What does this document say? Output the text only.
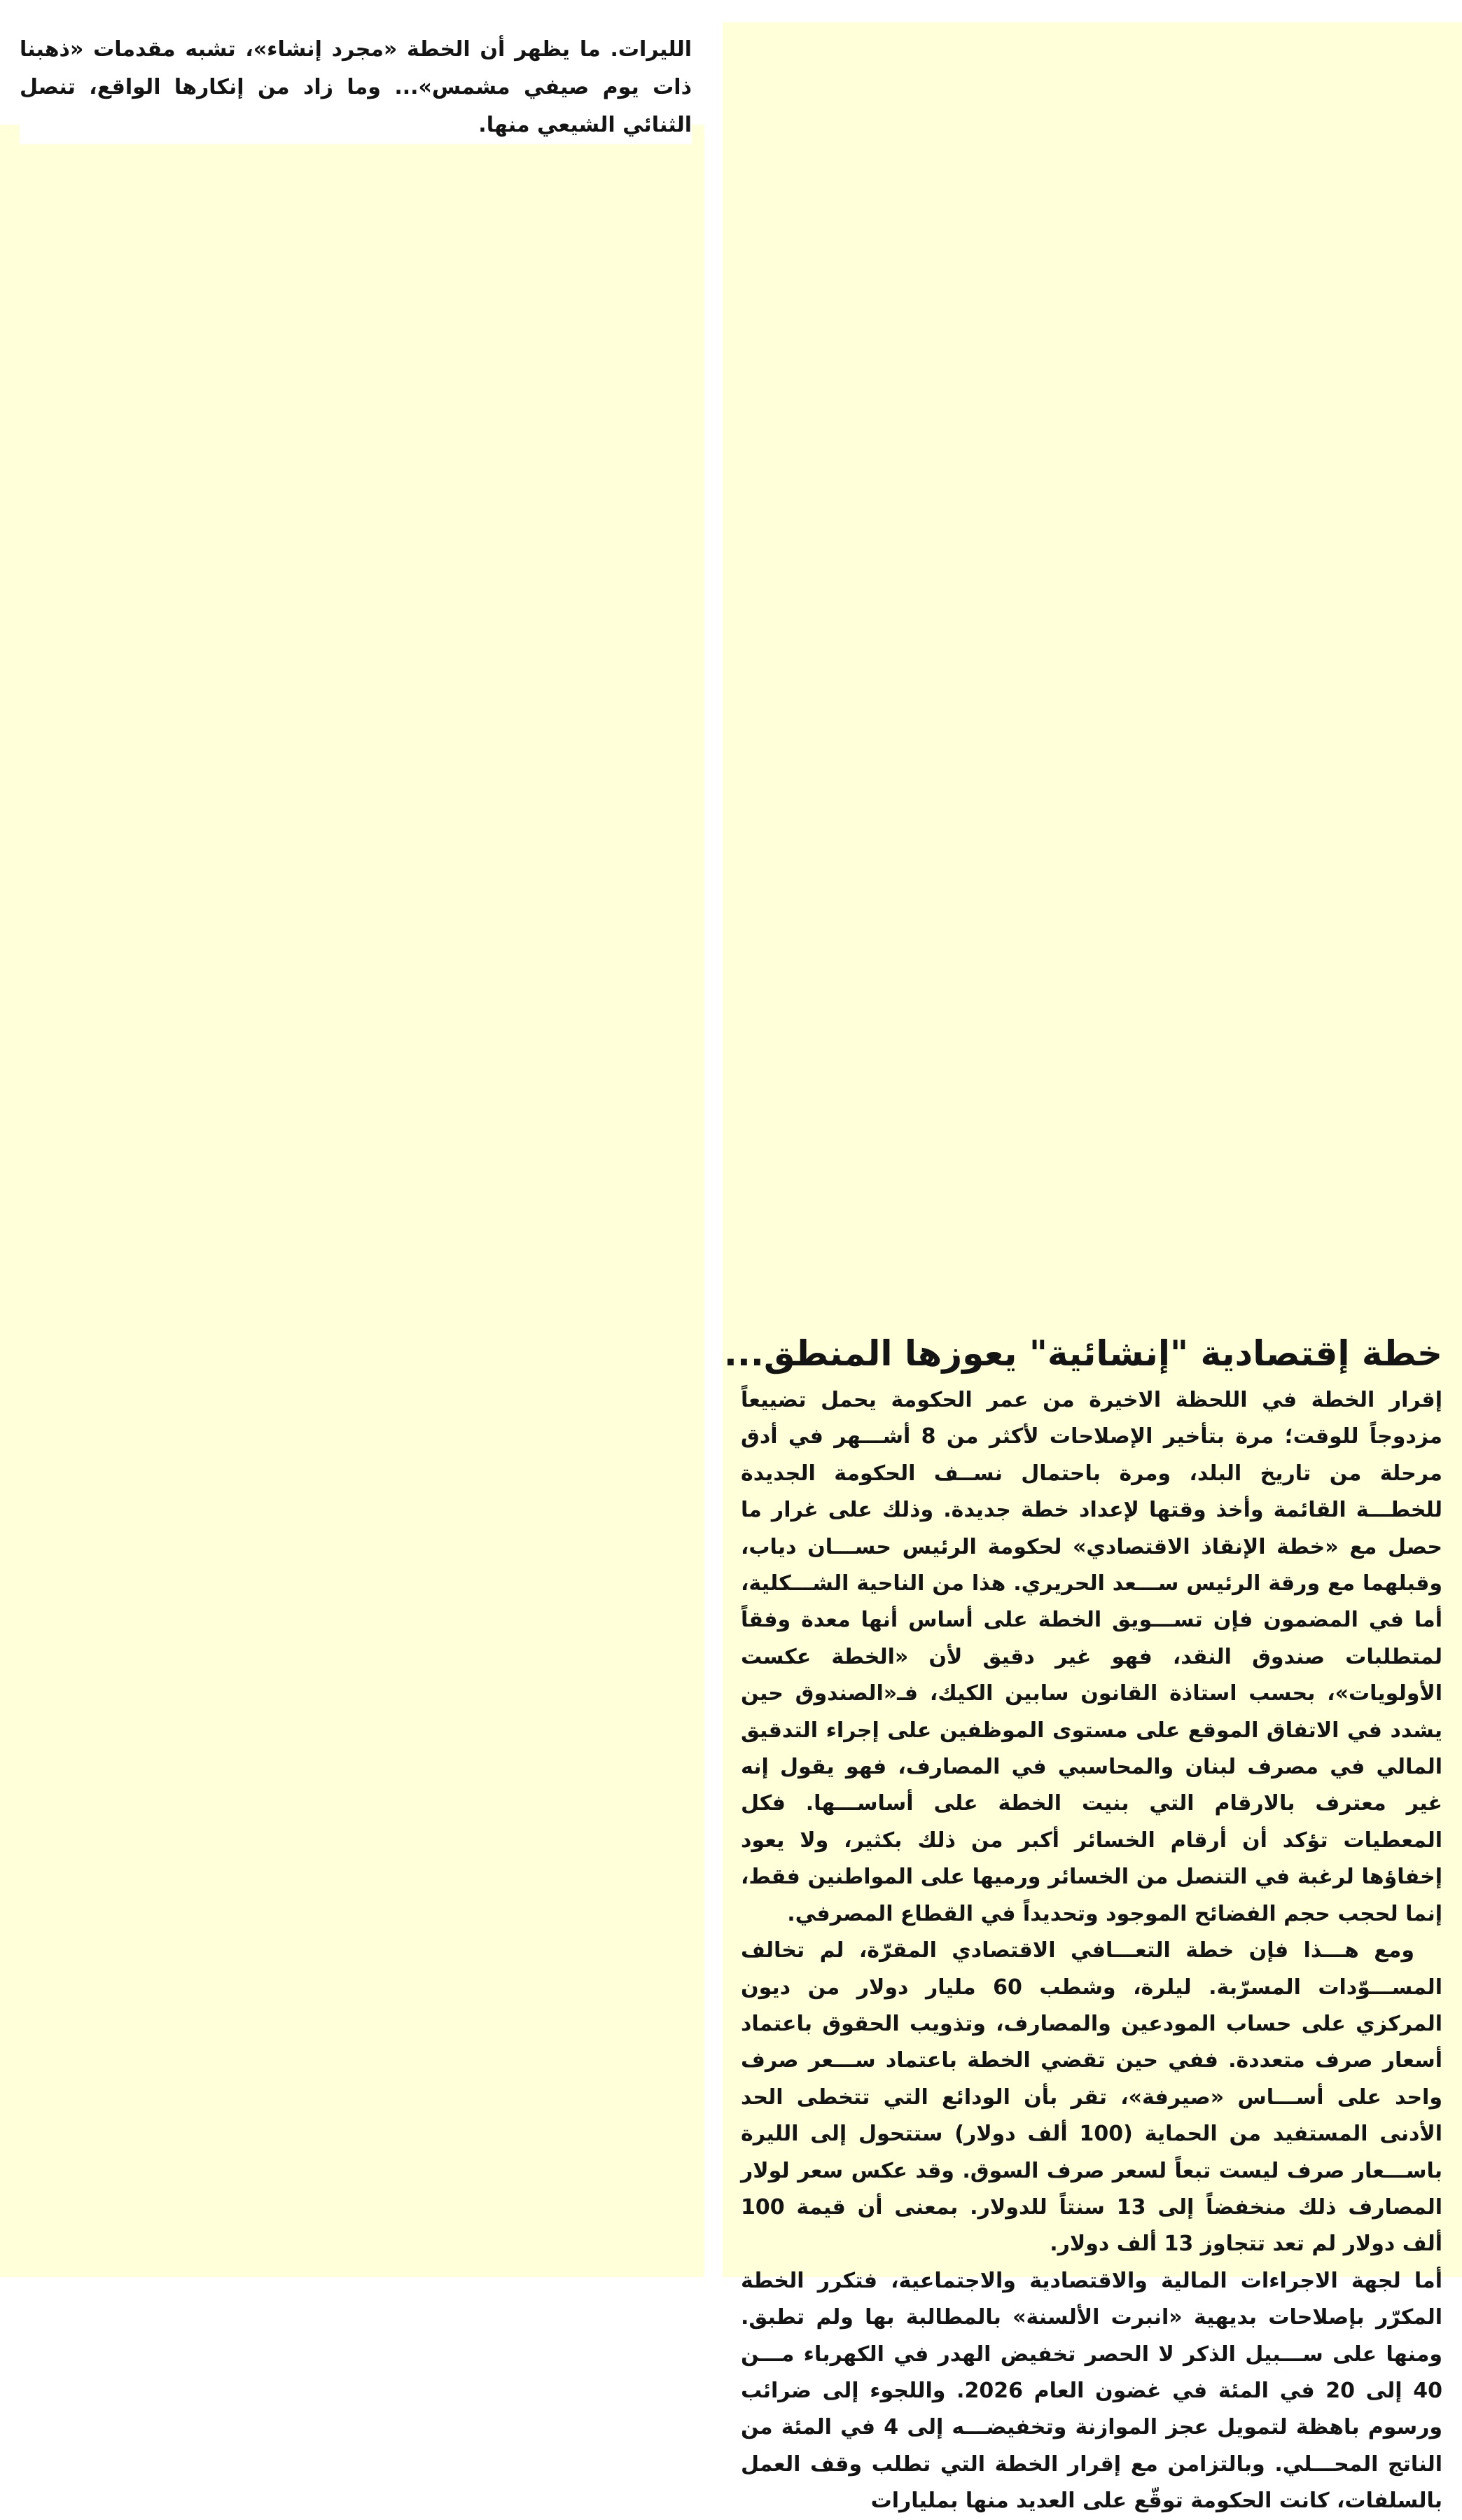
الليرات. ما يظهر أن الخطة «مجرد إنشاء»، تشبه مقدمات «ذهبنا ذات يوم صيفي مشمس»... وما زاد من إنكارها الواقع، تنصل الثنائي الشيعي منها.
خطة إقتصادية "إنشائية" يعوزها المنطق...

إقرار الخطة في اللحظة الاخيرة من عمر الحكومة يحمل تضييعاً مزدوجاً للوقت؛ مرة بتأخير الإصلاحات لأكثر من 8 أشـــهر في أدق مرحلة من تاريخ البلد، ومرة باحتمال نســف الحكومة الجديدة للخطـــة القائمة وأخذ وقتها لإعداد خطة جديدة. وذلك على غرار ما حصل مع «خطة الإنقاذ الاقتصادي» لحكومة الرئيس حســـان دياب، وقبلهما مع ورقة الرئيس ســـعد الحريري. هذا من الناحية الشـــكلية، أما في المضمون فإن تســـويق الخطة على أساس أنها معدة وفقاً لمتطلبات صندوق النقد، فهو غير دقيق لأن «الخطة عكست الأولويات»، بحسب استاذة القانون سابين الكيك، فـ«الصندوق حين يشدد في الاتفاق الموقع على مستوى الموظفين على إجراء التدقيق المالي في مصرف لبنان والمحاسبي في المصارف، فهو يقول إنه غير معترف بالارقام التي بنيت الخطة على أساســـها. فكل المعطيات تؤكد أن أرقام الخسائر أكبر من ذلك بكثير، ولا يعود إخفاؤها لرغبة في التنصل من الخسائر ورميها على المواطنين فقط، إنما لحجب حجم الفضائح الموجود وتحديداً في القطاع المصرفي.

ومع هـــذا فإن خطة التعـــافي الاقتصادي المقرّة، لم تخالف المســـوّدات المسرّبة. ليلرة، وشطب 60 مليار دولار من ديون المركزي على حساب المودعين والمصارف، وتذويب الحقوق باعتماد أسعار صرف متعددة. ففي حين تقضي الخطة باعتماد ســـعر صرف واحد على أســـاس «صيرفة»، تقر بأن الودائع التي تتخطى الحد الأدنى المستفيد من الحماية (100 ألف دولار) ستتحول إلى الليرة باســـعار صرف ليست تبعاً لسعر صرف السوق. وقد عكس سعر لولار المصارف ذلك منخفضاً إلى 13 سنتاً للدولار. بمعنى أن قيمة 100 ألف دولار لم تعد تتجاوز 13 ألف دولار.

أما لجهة الاجراءات المالية والاقتصادية والاجتماعية، فتكرر الخطة المكرّر بإصلاحات بديهية «انبرت الألسنة» بالمطالبة بها ولم تطبق. ومنها على ســـبيل الذكر لا الحصر تخفيض الهدر في الكهرباء مـــن 40 إلى 20 في المئة في غضون العام 2026. واللجوء إلى ضرائب ورسوم باهظة لتمويل عجز الموازنة وتخفيضـــه إلى 4 في المئة من الناتج المحـــلي. وبالتزامن مع إقرار الخطة التي تطلب وقف العمل بالسلفات، كانت الحكومة توقّع على العديد منها بمليارات
